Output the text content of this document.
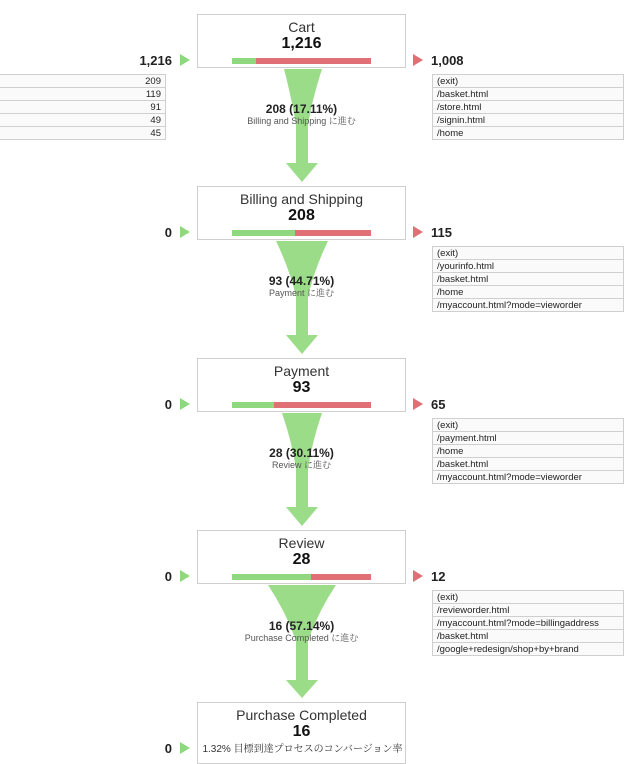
209
119
91
49
45
1,216
Cart
1,216
1,008
(exit)
/basket.html
/store.html
/signin.html
/home
208 (17.11%)
Billing and Shipping に進む
0
Billing and Shipping
208
115
(exit)
/yourinfo.html
/basket.html
/home
/myaccount.html?mode=vieworder
93 (44.71%)
Payment に進む
0
Payment
93
65
(exit)
/payment.html
/home
/basket.html
/myaccount.html?mode=vieworder
28 (30.11%)
Review に進む
0
Review
28
12
(exit)
/revieworder.html
/myaccount.html?mode=billingaddress
/basket.html
/google+redesign/shop+by+brand
16 (57.14%)
Purchase Completed に進む
0
Purchase Completed
16
1.32% 目標到達プロセスのコンバージョン率
